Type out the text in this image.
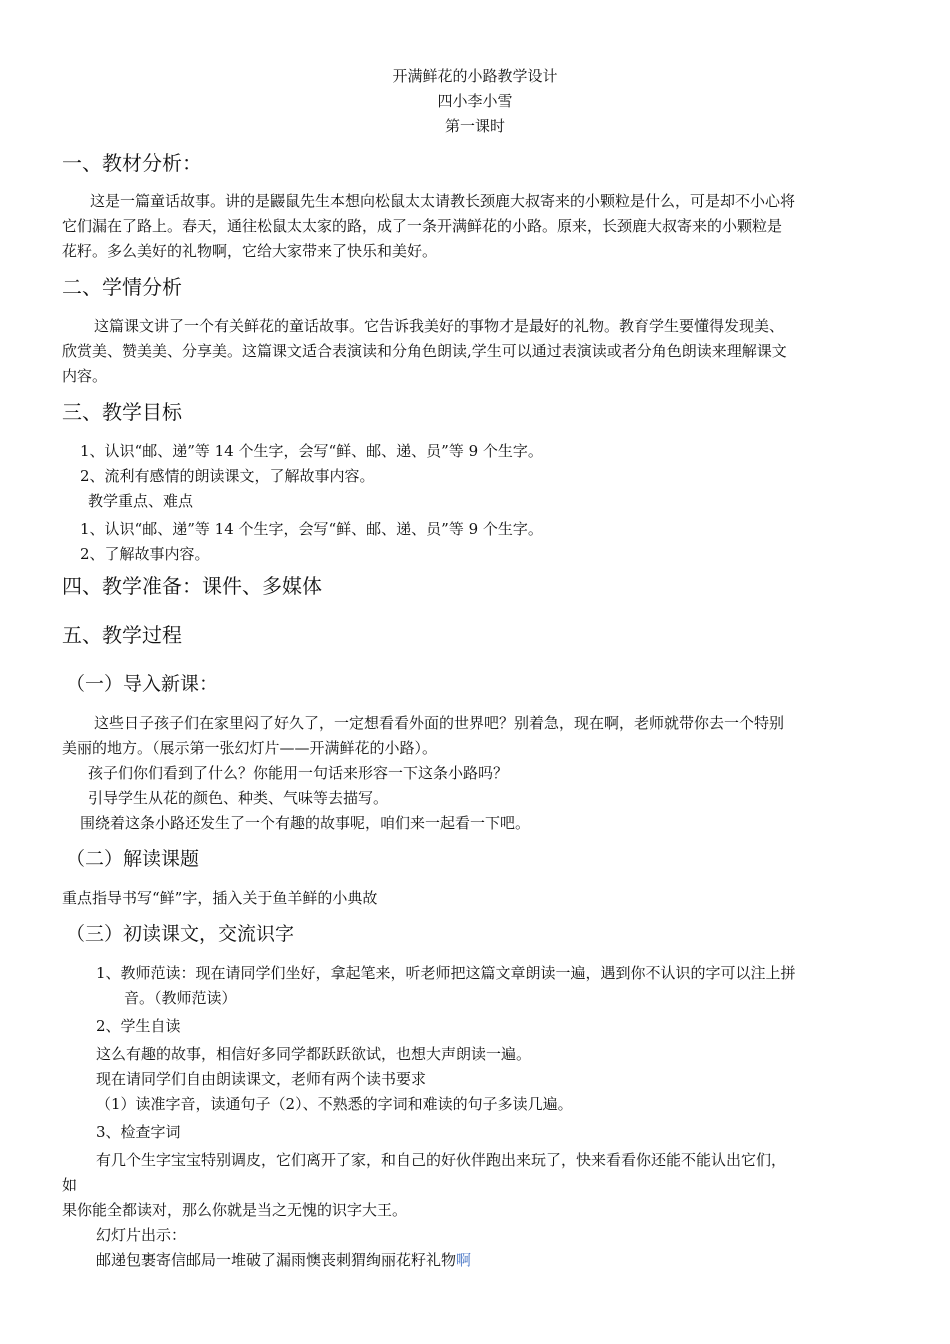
开满鲜花的小路教学设计
四小李小雪
第一课时
一、教材分析：
这是一篇童话故事。讲的是鼹鼠先生本想向松鼠太太请教长颈鹿大叔寄来的小颗粒是什么，可是却不小心将
它们漏在了路上。春天，通往松鼠太太家的路，成了一条开满鲜花的小路。原来，长颈鹿大叔寄来的小颗粒是
花籽。多么美好的礼物啊，它给大家带来了快乐和美好。
二、学情分析
这篇课文讲了一个有关鲜花的童话故事。它告诉我美好的事物才是最好的礼物。教育学生要懂得发现美、
欣赏美、赞美美、分享美。这篇课文适合表演读和分角色朗读,学生可以通过表演读或者分角色朗读来理解课文
内容。
三、教学目标
1、认识“邮、递”等 14 个生字，会写“鲜、邮、递、员”等 9 个生字。
2、流利有感情的朗读课文，了解故事内容。
教学重点、难点
1、认识“邮、递”等 14 个生字，会写“鲜、邮、递、员”等 9 个生字。
2、了解故事内容。
四、教学准备：课件、多媒体
五、教学过程
（一）导入新课：
这些日子孩子们在家里闷了好久了，一定想看看外面的世界吧？别着急，现在啊，老师就带你去一个特别
美丽的地方。（展示第一张幻灯片——开满鲜花的小路）。
孩子们你们看到了什么？你能用一句话来形容一下这条小路吗？
引导学生从花的颜色、种类、气味等去描写。
围绕着这条小路还发生了一个有趣的故事呢，咱们来一起看一下吧。
（二）解读课题
重点指导书写“鲜”字，插入关于鱼羊鲜的小典故
（三）初读课文，交流识字
1、教师范读：现在请同学们坐好，拿起笔来，听老师把这篇文章朗读一遍，遇到你不认识的字可以注上拼
音。（教师范读）
2、学生自读
这么有趣的故事，相信好多同学都跃跃欲试，也想大声朗读一遍。
现在请同学们自由朗读课文，老师有两个读书要求
（1）读准字音，读通句子（2）、不熟悉的字词和难读的句子多读几遍。
3、检查字词
有几个生字宝宝特别调皮，它们离开了家，和自己的好伙伴跑出来玩了，快来看看你还能不能认出它们，
如
果你能全都读对，那么你就是当之无愧的识字大王。
幻灯片出示：
邮递包裹寄信邮局一堆破了漏雨懊丧刺猬绚丽花籽礼物啊
